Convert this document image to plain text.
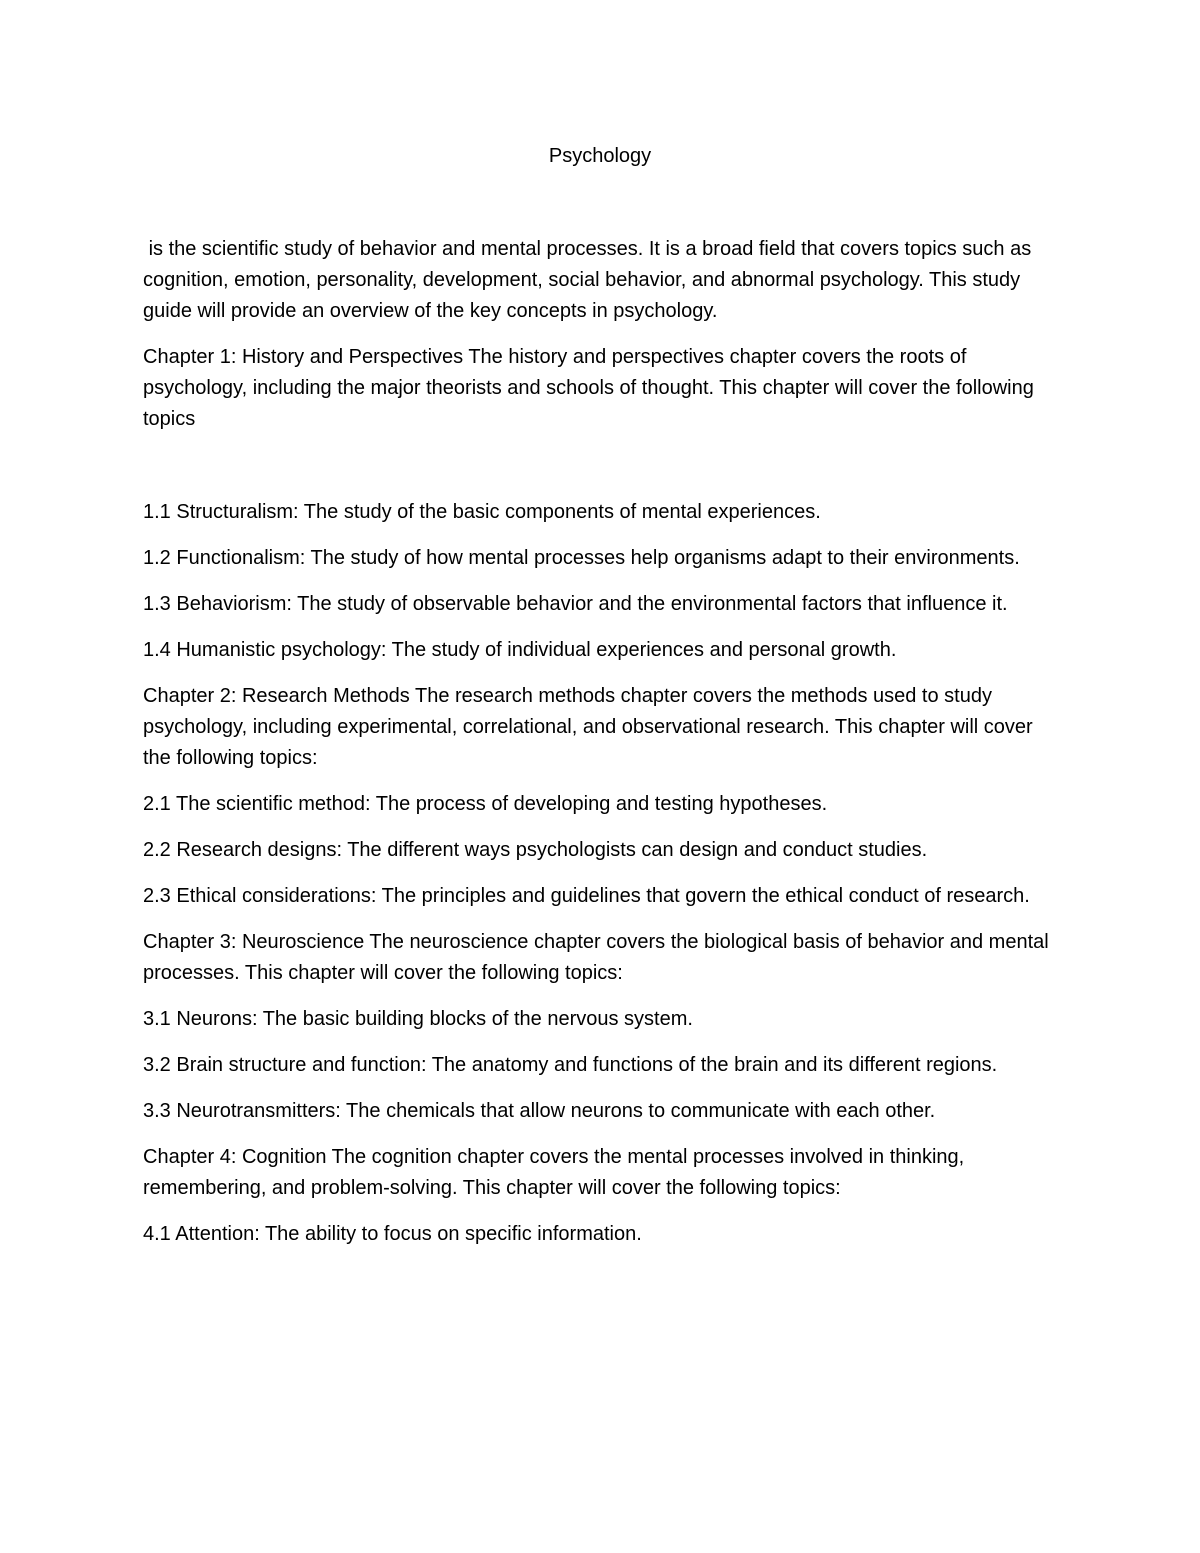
Psychology

is the scientific study of behavior and mental processes. It is a broad field that covers topics such as cognition, emotion, personality, development, social behavior, and abnormal psychology. This study guide will provide an overview of the key concepts in psychology.

Chapter 1: History and Perspectives The history and perspectives chapter covers the roots of psychology, including the major theorists and schools of thought. This chapter will cover the following topics

1.1 Structuralism: The study of the basic components of mental experiences.

1.2 Functionalism: The study of how mental processes help organisms adapt to their environments.

1.3 Behaviorism: The study of observable behavior and the environmental factors that influence it.

1.4 Humanistic psychology: The study of individual experiences and personal growth.

Chapter 2: Research Methods The research methods chapter covers the methods used to study psychology, including experimental, correlational, and observational research. This chapter will cover the following topics:

2.1 The scientific method: The process of developing and testing hypotheses.

2.2 Research designs: The different ways psychologists can design and conduct studies.

2.3 Ethical considerations: The principles and guidelines that govern the ethical conduct of research.

Chapter 3: Neuroscience The neuroscience chapter covers the biological basis of behavior and mental processes. This chapter will cover the following topics:

3.1 Neurons: The basic building blocks of the nervous system.

3.2 Brain structure and function: The anatomy and functions of the brain and its different regions.

3.3 Neurotransmitters: The chemicals that allow neurons to communicate with each other.

Chapter 4: Cognition The cognition chapter covers the mental processes involved in thinking, remembering, and problem-solving. This chapter will cover the following topics:

4.1 Attention: The ability to focus on specific information.
